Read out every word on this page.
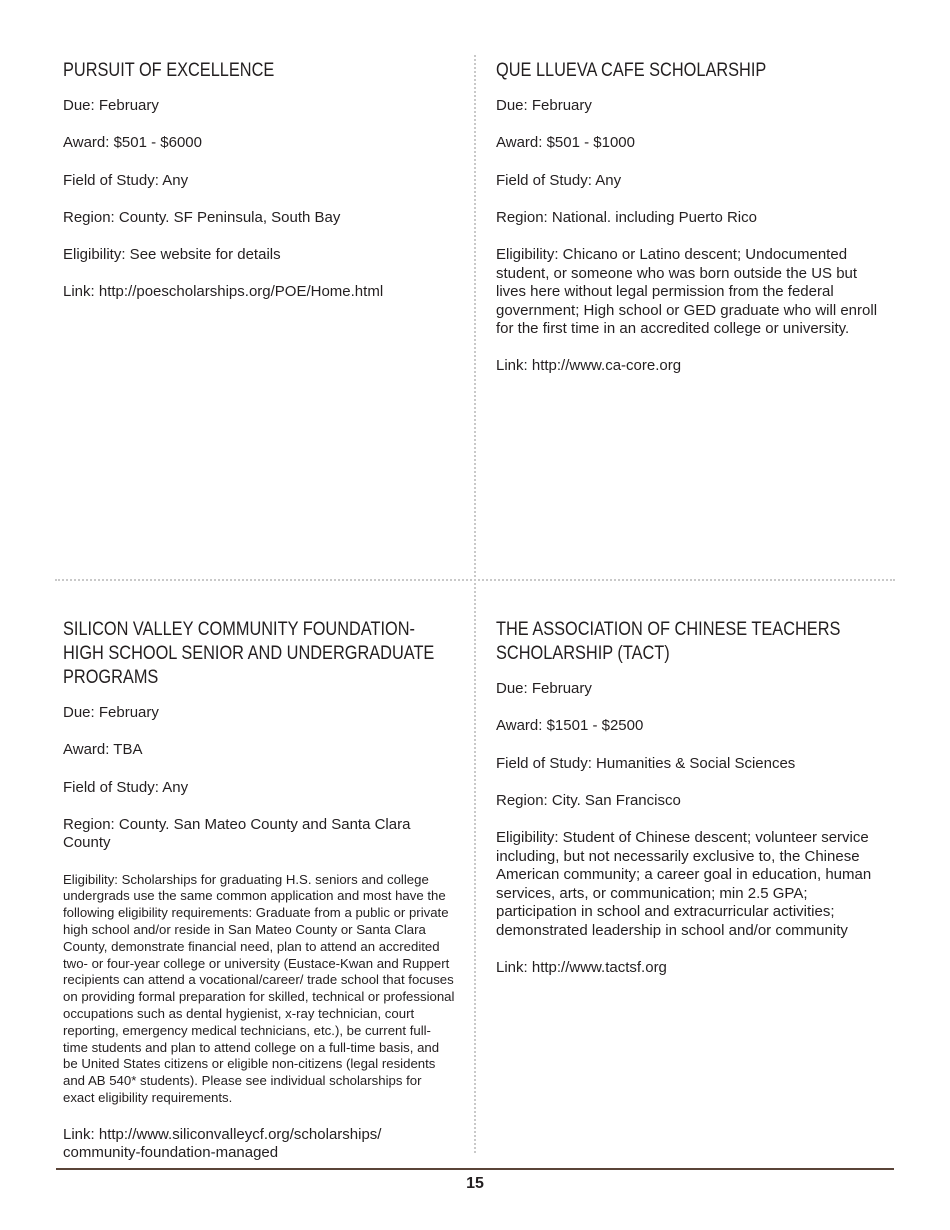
PURSUIT OF EXCELLENCE
Due: February
Award: $501 - $6000
Field of Study: Any
Region: County. SF Peninsula, South Bay
Eligibility: See website for details
Link: http://poescholarships.org/POE/Home.html
QUE LLUEVA CAFE SCHOLARSHIP
Due: February
Award: $501 - $1000
Field of Study: Any
Region: National. including Puerto Rico
Eligibility: Chicano or Latino descent; Undocumented student, or someone who was born outside the US but lives here without legal permission from the federal government; High school or GED graduate who will enroll for the first time in an accredited college or university.
Link: http://www.ca-core.org
SILICON VALLEY COMMUNITY FOUNDATION-HIGH SCHOOL SENIOR AND UNDERGRADUATE PROGRAMS
Due: February
Award: TBA
Field of Study: Any
Region: County. San Mateo County and Santa Clara County
Eligibility: Scholarships for graduating H.S. seniors and college undergrads use the same common application and most have the following eligibility requirements: Graduate from a public or private high school and/or reside in San Mateo County or Santa Clara County, demonstrate financial need, plan to attend an accredited two- or four-year college or university (Eustace-Kwan and Ruppert recipients can attend a vocational/career/ trade school that focuses on providing formal preparation for skilled, technical or professional occupations such as dental hygienist, x-ray technician, court reporting, emergency medical technicians, etc.), be current full-time students and plan to attend college on a full-time basis, and be United States citizens or eligible non-citizens (legal residents and AB 540* students). Please see individual scholarships for exact eligibility requirements.
Link: http://www.siliconvalleycf.org/scholarships/ community-foundation-managed
THE ASSOCIATION OF CHINESE TEACHERS SCHOLARSHIP (TACT)
Due: February
Award: $1501 - $2500
Field of Study: Humanities & Social Sciences
Region: City. San Francisco
Eligibility: Student of Chinese descent; volunteer service including, but not necessarily exclusive to, the Chinese American community; a career goal in education, human services, arts, or communication; min 2.5 GPA; participation in school and extracurricular activities; demonstrated leadership in school and/or community
Link: http://www.tactsf.org
15
